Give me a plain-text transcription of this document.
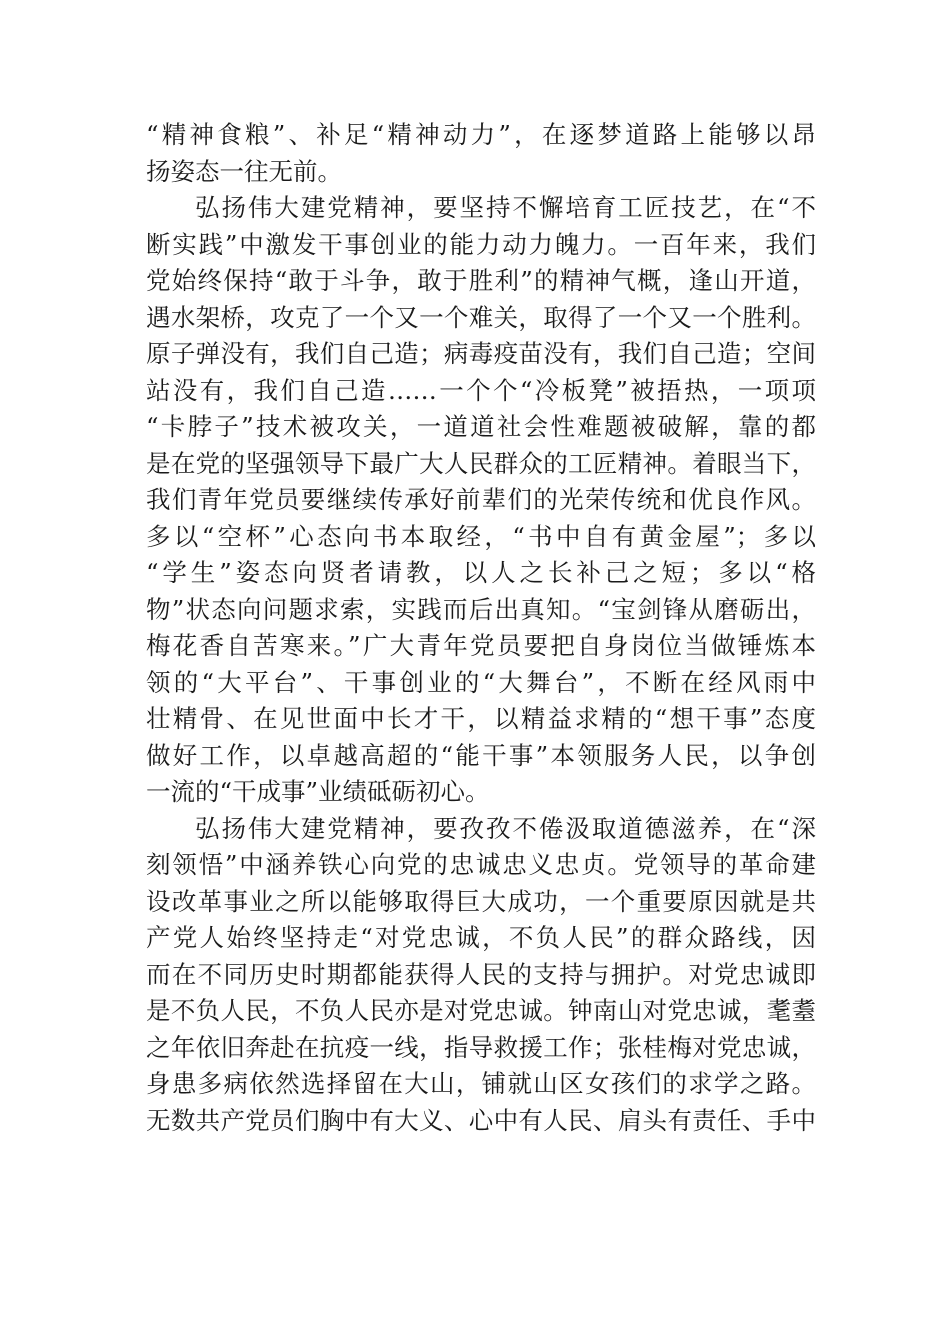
“精神食粮”、补足“精神动力”，在逐梦道路上能够以昂
扬姿态一往无前。
弘扬伟大建党精神，要坚持不懈培育工匠技艺，在“不
断实践”中激发干事创业的能力动力魄力。一百年来，我们
党始终保持“敢于斗争，敢于胜利”的精神气概，逢山开道，
遇水架桥，攻克了一个又一个难关，取得了一个又一个胜利。
原子弹没有，我们自己造；病毒疫苗没有，我们自己造；空间
站没有，我们自己造……一个个“冷板凳”被捂热，一项项
“卡脖子”技术被攻关，一道道社会性难题被破解，靠的都
是在党的坚强领导下最广大人民群众的工匠精神。着眼当下，
我们青年党员要继续传承好前辈们的光荣传统和优良作风。
多以“空杯”心态向书本取经，“书中自有黄金屋”；多以
“学生”姿态向贤者请教，以人之长补己之短；多以“格
物”状态向问题求索，实践而后出真知。“宝剑锋从磨砺出，
梅花香自苦寒来。”广大青年党员要把自身岗位当做锤炼本
领的“大平台”、干事创业的“大舞台”，不断在经风雨中
壮精骨、在见世面中长才干，以精益求精的“想干事”态度
做好工作，以卓越高超的“能干事”本领服务人民，以争创
一流的“干成事”业绩砥砺初心。
弘扬伟大建党精神，要孜孜不倦汲取道德滋养，在“深
刻领悟”中涵养铁心向党的忠诚忠义忠贞。党领导的革命建
设改革事业之所以能够取得巨大成功，一个重要原因就是共
产党人始终坚持走“对党忠诚，不负人民”的群众路线，因
而在不同历史时期都能获得人民的支持与拥护。对党忠诚即
是不负人民，不负人民亦是对党忠诚。钟南山对党忠诚，耄耋
之年依旧奔赴在抗疫一线，指导救援工作；张桂梅对党忠诚，
身患多病依然选择留在大山，铺就山区女孩们的求学之路。
无数共产党员们胸中有大义、心中有人民、肩头有责任、手中
